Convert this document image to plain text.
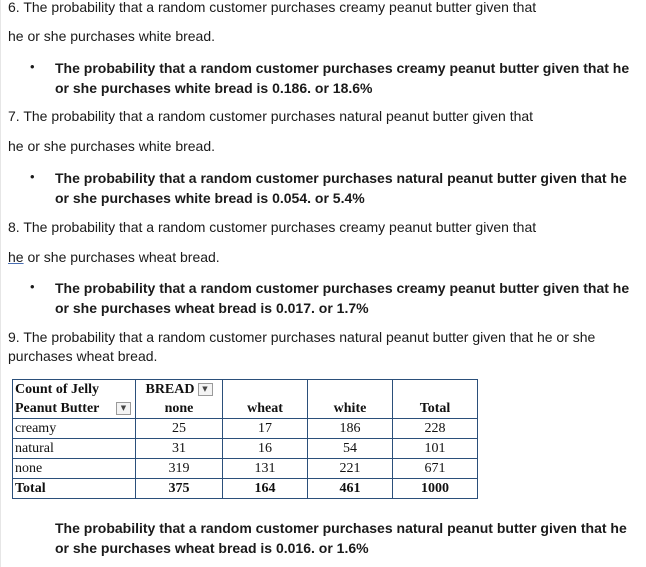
6. The probability that a random customer purchases creamy peanut butter given that
he or she purchases white bread.
• The probability that a random customer purchases creamy peanut butter given that he
or she purchases white bread is 0.186. or 18.6%
7. The probability that a random customer purchases natural peanut butter given that
he or she purchases white bread.
• The probability that a random customer purchases natural peanut butter given that he
or she purchases white bread is 0.054. or 5.4%
8. The probability that a random customer purchases creamy peanut butter given that
he or she purchases wheat bread.
• The probability that a random customer purchases creamy peanut butter given that he
or she purchases wheat bread is 0.017. or 1.7%
9. The probability that a random customer purchases natural peanut butter given that he or she
purchases wheat bread.
Count of Jelly	BREAD ▼			

Peanut Butter ▼	none	wheat	white	Total
creamy	25	17	186	228
natural	31	16	54	101
none	319	131	221	671
Total	375	164	461	1000
The probability that a random customer purchases natural peanut butter given that he
or she purchases wheat bread is 0.016. or 1.6%
